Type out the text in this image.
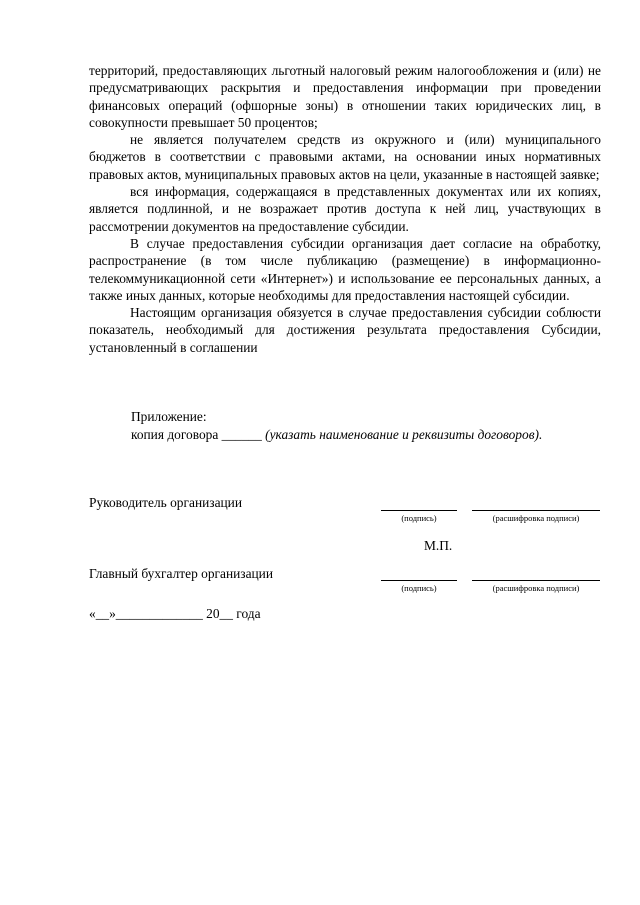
территорий, предоставляющих льготный налоговый режим налогообложения и (или) не предусматривающих раскрытия и предоставления информации при проведении финансовых операций (офшорные зоны) в отношении таких юридических лиц, в совокупности превышает 50 процентов;

не является получателем средств из окружного и (или) муниципального бюджетов в соответствии с правовыми актами, на основании иных нормативных правовых актов, муниципальных правовых актов на цели, указанные в настоящей заявке;

вся информация, содержащаяся в представленных документах или их копиях, является подлинной, и не возражает против доступа к ней лиц, участвующих в рассмотрении документов на предоставление субсидии.

В случае предоставления субсидии организация дает согласие на обработку, распространение (в том числе публикацию (размещение) в информационно-телекоммуникационной сети «Интернет») и использование ее персональных данных, а также иных данных, которые необходимы для предоставления настоящей субсидии.

Настоящим организация обязуется в случае предоставления субсидии соблюсти показатель, необходимый для достижения результата предоставления Субсидии, установленный в соглашении

Приложение:
копия договора ______ (указать наименование и реквизиты договоров).
Руководитель организации
(подпись)	(расшифровка подписи)
М.П.
Главный бухгалтер организации
(подпись)	(расшифровка подписи)
«__»_____________ 20__ года
